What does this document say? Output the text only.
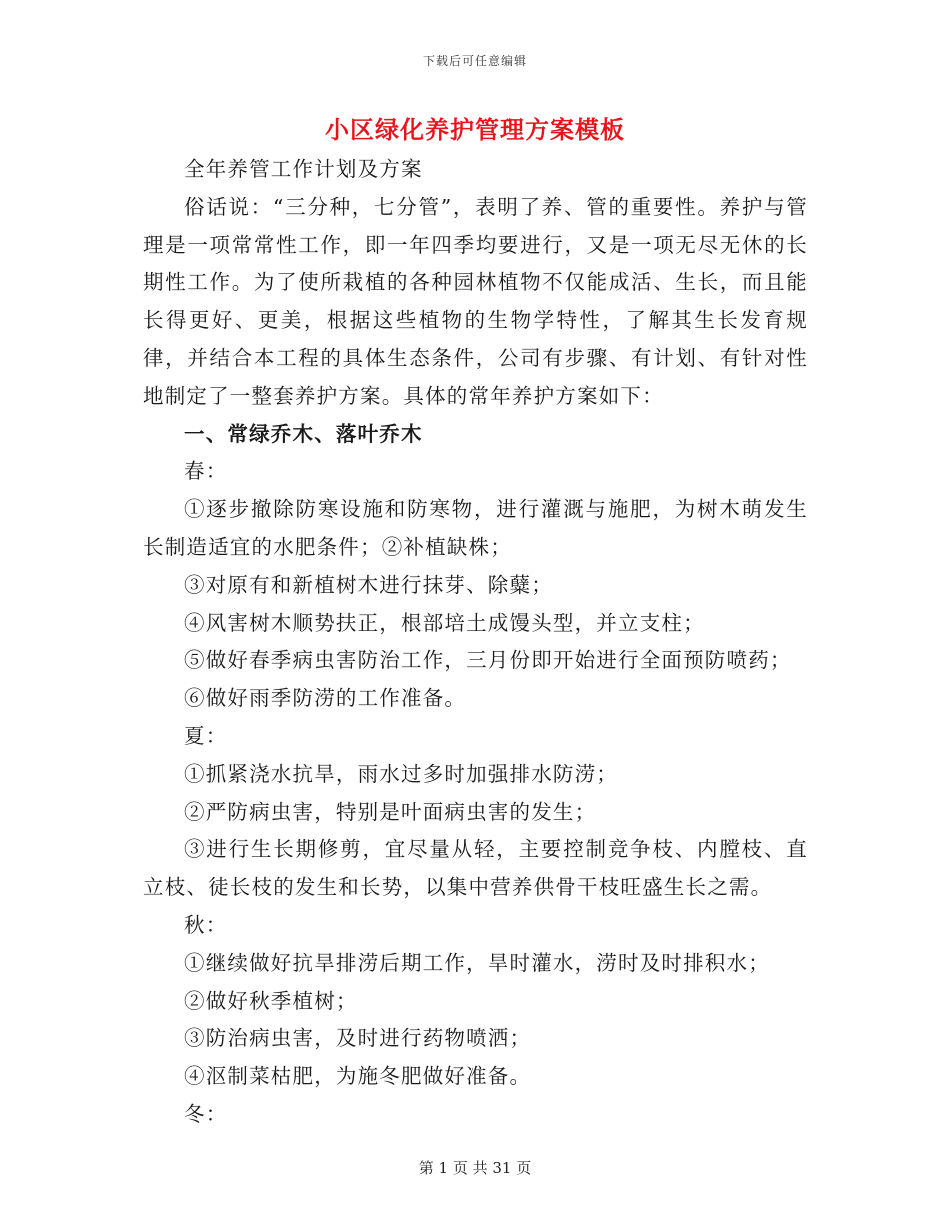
下载后可任意编辑
小区绿化养护管理方案模板

全年养管工作计划及方案

俗话说：“三分种，七分管”，表明了养、管的重要性。养护与管理是一项常常性工作，即一年四季均要进行，又是一项无尽无休的长期性工作。为了使所栽植的各种园林植物不仅能成活、生长，而且能长得更好、更美，根据这些植物的生物学特性，了解其生长发育规律，并结合本工程的具体生态条件，公司有步骤、有计划、有针对性地制定了一整套养护方案。具体的常年养护方案如下：

一、常绿乔木、落叶乔木

春：

①逐步撤除防寒设施和防寒物，进行灌溉与施肥，为树木萌发生长制造适宜的水肥条件；②补植缺株；

③对原有和新植树木进行抹芽、除糵；

④风害树木顺势扶正，根部培土成馒头型，并立支柱；

⑤做好春季病虫害防治工作，三月份即开始进行全面预防喷药；

⑥做好雨季防涝的工作准备。

夏：

①抓紧浇水抗旱，雨水过多时加强排水防涝；

②严防病虫害，特别是叶面病虫害的发生；

③进行生长期修剪，宜尽量从轻，主要控制竞争枝、内膛枝、直立枝、徒长枝的发生和长势，以集中营养供骨干枝旺盛生长之需。

秋：

①继续做好抗旱排涝后期工作，旱时灌水，涝时及时排积水；

②做好秋季植树；

③防治病虫害，及时进行药物喷洒；

④沤制菜枯肥，为施冬肥做好准备。

冬：

第 1 页 共 31 页
